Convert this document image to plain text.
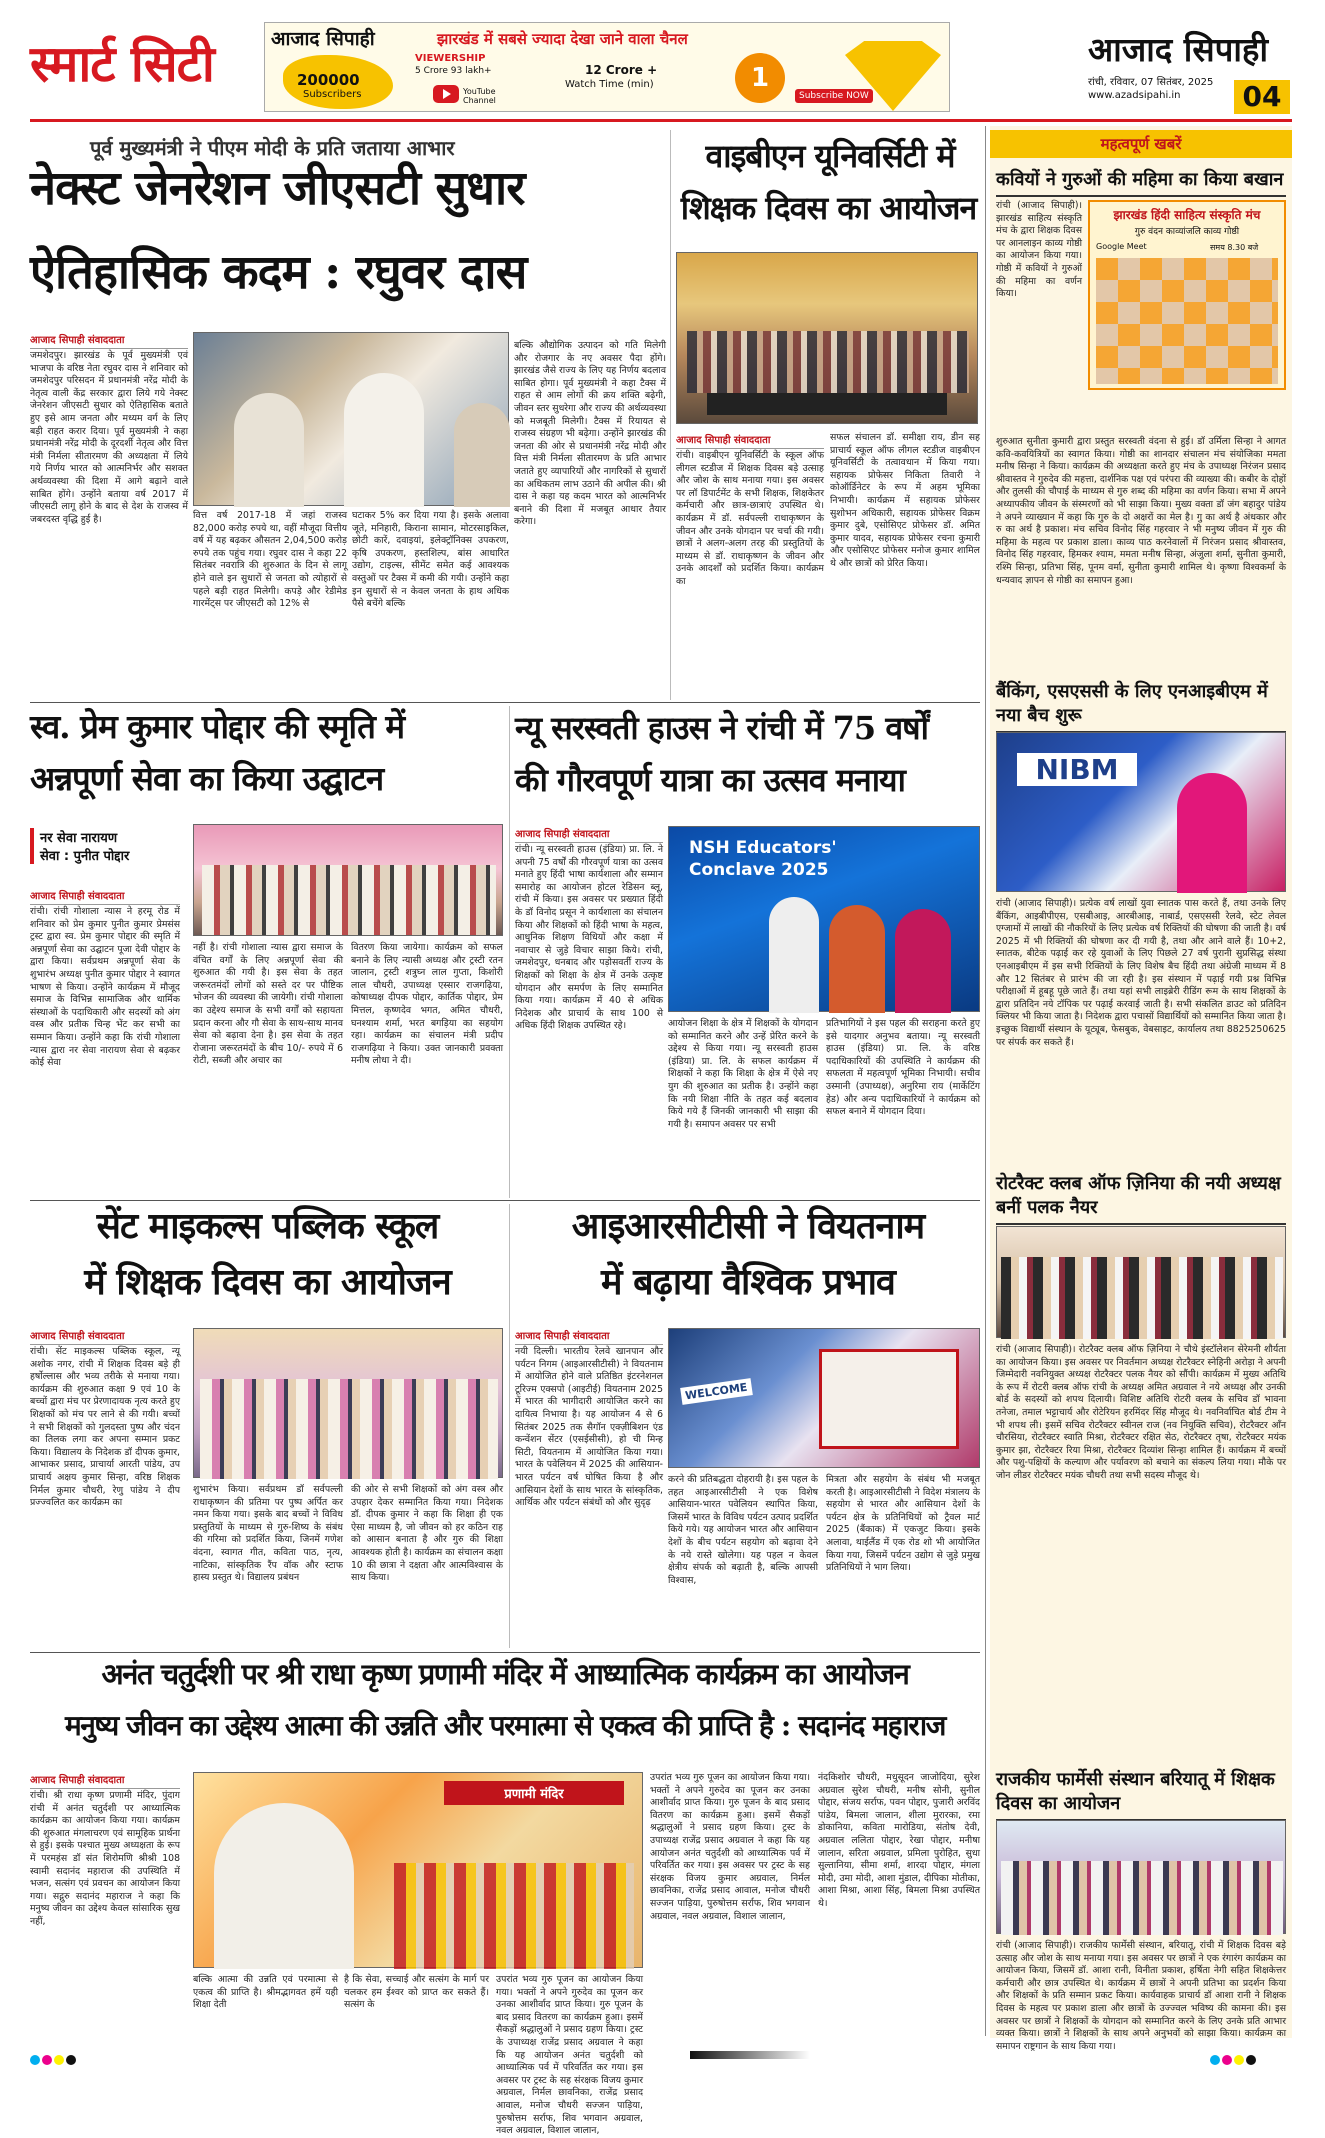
स्मार्ट सिटी	आजाद सिपाही	झारखंड में सबसे ज्यादा देखा जाने वाला चैनल
200000
Subscribers
VIEWERSHIP
5 Crore 93 lakh+
YouTube Channel
12 Crore +
Watch Time (min)	1
Subscribe NOW
आजाद सिपाही
रांची, रविवार, 07 सितंबर, 2025
www.azadsipahi.in	04
पूर्व मुख्यमंत्री ने पीएम मोदी के प्रति जताया आभार
नेक्स्ट जेनरेशन जीएसटी सुधार
ऐतिहासिक कदम : रघुवर दास
आजाद सिपाही संवाददाता
जमशेदपुर। झारखंड के पूर्व मुख्यमंत्री एवं भाजपा के वरिष्ठ नेता रघुवर दास ने शनिवार को जमशेदपुर परिसदन में प्रधानमंत्री नरेंद्र मोदी के नेतृत्व वाली केंद्र सरकार द्वारा लिये गये नेक्स्ट जेनरेशन जीएसटी सुधार को ऐतिहासिक बताते हुए इसे आम जनता और मध्यम वर्ग के लिए बड़ी राहत करार दिया। पूर्व मुख्यमंत्री ने कहा प्रधानमंत्री नरेंद्र मोदी के दूरदर्शी नेतृत्व और वित्त मंत्री निर्मला सीतारमण की अध्यक्षता में लिये गये निर्णय भारत को आत्मनिर्भर और सशक्त अर्थव्यवस्था की दिशा में आगे बढ़ाने वाले साबित होंगे। उन्होंने बताया वर्ष 2017 में जीएसटी लागू होने के बाद से देश के राजस्व में जबरदस्त वृद्धि हुई है।	वित्त वर्ष 2017-18 में जहां राजस्व 82,000 करोड़ रुपये था, वहीं मौजूदा वित्तीय वर्ष में यह बढ़कर औसतन 2,04,500 करोड़ रुपये तक पहुंच गया। रघुवर दास ने कहा 22 सितंबर नवरात्रि की शुरुआत के दिन से लागू होने वाले इन सुधारों से जनता को त्योहारों से पहले बड़ी राहत मिलेगी। कपड़े और रेडीमेड गारमेंट्स पर जीएसटी को 12% से
घटाकर 5% कर दिया गया है। इसके अलावा जूते, मनिहारी, किराना सामान, मोटरसाइकिल, छोटी कारें, दवाइयां, इलेक्ट्रॉनिक्स उपकरण, कृषि उपकरण, हस्तशिल्प, बांस आधारित उद्योग, टाइल्स, सीमेंट समेत कई आवश्यक वस्तुओं पर टैक्स में कमी की गयी। उन्होंने कहा इन सुधारों से न केवल जनता के हाथ अधिक पैसे बचेंगे बल्कि
बल्कि औद्योगिक उत्पादन को गति मिलेगी और रोजगार के नए अवसर पैदा होंगे। झारखंड जैसे राज्य के लिए यह निर्णय बदलाव साबित होगा। पूर्व मुख्यमंत्री ने कहा टैक्स में राहत से आम लोगों की क्रय शक्ति बढ़ेगी, जीवन स्तर सुधरेगा और राज्य की अर्थव्यवस्था को मजबूती मिलेगी। टैक्स में रियायत से राजस्व संग्रहण भी बढ़ेगा। उन्होंने झारखंड की जनता की ओर से प्रधानमंत्री नरेंद्र मोदी और वित्त मंत्री निर्मला सीतारमण के प्रति आभार जताते हुए व्यापारियों और नागरिकों से सुधारों का अधिकतम लाभ उठाने की अपील की। श्री दास ने कहा यह कदम भारत को आत्मनिर्भर बनाने की दिशा में मजबूत आधार तैयार करेगा।
वाइबीएन यूनिवर्सिटी में
शिक्षक दिवस का आयोजन
आजाद सिपाही संवाददाता
रांची। वाइबीएन यूनिवर्सिटी के स्कूल ऑफ लीगल स्टडीज में शिक्षक दिवस बड़े उत्साह और जोश के साथ मनाया गया। इस अवसर पर लॉ डिपार्टमेंट के सभी शिक्षक, शिक्षकेतर कर्मचारी और छात्र-छात्राएं उपस्थित थे। कार्यक्रम में डॉ. सर्वपल्ली राधाकृष्णन के जीवन और उनके योगदान पर चर्चा की गयी। छात्रों ने अलग-अलग तरह की प्रस्तुतियों के माध्यम से डॉ. राधाकृष्णन के जीवन और उनके आदर्शों को प्रदर्शित किया। कार्यक्रम का
सफल संचालन डॉ. समीक्षा राय, डीन सह प्राचार्य स्कूल ऑफ लीगल स्टडीज वाइबीएन यूनिवर्सिटी के तत्वावधान में किया गया। सहायक प्रोफेसर निकिता तिवारी ने कोऑर्डिनेटर के रूप में अहम भूमिका निभायी। कार्यक्रम में सहायक प्रोफेसर सुशोभन अधिकारी, सहायक प्रोफेसर विक्रम कुमार दुबे, एसोसिएट प्रोफेसर डॉ. अमित कुमार यादव, सहायक प्रोफेसर रचना कुमारी और एसोसिएट प्रोफेसर मनोज कुमार शामिल थे और छात्रों को प्रेरित किया।
स्व. प्रेम कुमार पोद्दार की स्मृति में
अन्नपूर्णा सेवा का किया उद्घाटन
नर सेवा नारायण
सेवा : पुनीत पोद्दार
आजाद सिपाही संवाददाता
रांची। रांची गोशाला न्यास ने हरमू रोड में शनिवार को प्रेम कुमार पुनीत कुमार प्रेमसंस ट्रस्ट द्वारा स्व. प्रेम कुमार पोद्दार की स्मृति में अन्नपूर्णा सेवा का उद्घाटन पूजा देवी पोद्दार के द्वारा किया। सर्वप्रथम अन्नपूर्णा सेवा के शुभारंभ अध्यक्ष पुनीत कुमार पोद्दार ने स्वागत भाषण से किया। उन्होंने कार्यक्रम में मौजूद समाज के विभिन्न सामाजिक और धार्मिक संस्थाओं के पदाधिकारी और सदस्यों को अंग वस्त्र और प्रतीक चिन्ह भेंट कर सभी का सम्मान किया। उन्होंने कहा कि रांची गोशाला न्यास द्वारा नर सेवा नारायण सेवा से बढ़कर कोई सेवा
नहीं है। रांची गोशाला न्यास द्वारा समाज के वंचित वर्गों के लिए अन्नपूर्णा सेवा की शुरुआत की गयी है। इस सेवा के तहत जरूरतमंदों लोगों को सस्ते दर पर पौष्टिक भोजन की व्यवस्था की जायेगी। रांची गोशाला का उद्देश्य समाज के सभी वर्गों को सहायता प्रदान करना और गौ सेवा के साथ-साथ मानव सेवा को बढ़ावा देना है। इस सेवा के तहत रोजाना जरूरतमंदों के बीच 10/- रुपये में 6 रोटी, सब्जी और अचार का
वितरण किया जायेगा। कार्यक्रम को सफल बनाने के लिए न्यासी अध्यक्ष और ट्रस्टी रतन जालान, ट्रस्टी शत्रुघ्न लाल गुप्ता, किशोरी लाल चौधरी, उपाध्यक्ष एस्सार राजगढ़िया, कोषाध्यक्ष दीपक पोद्दार, कार्तिक पोद्दार, प्रेम मित्तल, कृष्णदेव भगत, अमित चौधरी, घनश्याम शर्मा, भरत बगड़िया का सहयोग रहा। कार्यक्रम का संचालन मंत्री प्रदीप राजगढ़िया ने किया। उक्त जानकारी प्रवक्ता मनीष लोधा ने दी।
न्यू सरस्वती हाउस ने रांची में 75 वर्षों
की गौरवपूर्ण यात्रा का उत्सव मनाया
आजाद सिपाही संवाददाता
रांची। न्यू सरस्वती हाउस (इंडिया) प्रा. लि. ने अपनी 75 वर्षों की गौरवपूर्ण यात्रा का उत्सव मनाते हुए हिंदी भाषा कार्यशाला और सम्मान समारोह का आयोजन होटल रेडिसन ब्लू, रांची में किया। इस अवसर पर प्रख्यात हिंदी के डॉ विनोद प्रसून ने कार्यशाला का संचालन किया और शिक्षकों को हिंदी भाषा के महत्व, आधुनिक शिक्षण विधियों और कक्षा में नवाचार से जुड़े विचार साझा किये। रांची, जमशेदपुर, धनबाद और पड़ोसवर्ती राज्य के शिक्षकों को शिक्षा के क्षेत्र में उनके उत्कृष्ट योगदान और समर्पण के लिए सम्मानित किया गया। कार्यक्रम में 40 से अधिक निदेशक और प्राचार्य के साथ 100 से अधिक हिंदी शिक्षक उपस्थित रहे।
NSH Educators' Conclave 2025
आयोजन शिक्षा के क्षेत्र में शिक्षकों के योगदान को सम्मानित करने और उन्हें प्रेरित करने के उद्देश्य से किया गया। न्यू सरस्वती हाउस (इंडिया) प्रा. लि. के सफल कार्यक्रम में शिक्षकों ने कहा कि शिक्षा के क्षेत्र में ऐसे नए युग की शुरुआत का प्रतीक है। उन्होंने कहा कि नयी शिक्षा नीति के तहत कई बदलाव किये गये हैं जिनकी जानकारी भी साझा की गयी है। समापन अवसर पर सभी
प्रतिभागियों ने इस पहल की सराहना करते हुए इसे यादगार अनुभव बताया। न्यू सरस्वती हाउस (इंडिया) प्रा. लि. के वरिष्ठ पदाधिकारियों की उपस्थिति ने कार्यक्रम की सफलता में महत्वपूर्ण भूमिका निभायी। सचीव उस्मानी (उपाध्यक्ष), अनुरिमा राय (मार्केटिंग हेड) और अन्य पदाधिकारियों ने कार्यक्रम को सफल बनाने में योगदान दिया।
सेंट माइकल्स पब्लिक स्कूल
में शिक्षक दिवस का आयोजन
आजाद सिपाही संवाददाता
रांची। सेंट माइकल्स पब्लिक स्कूल, न्यू अशोक नगर, रांची में शिक्षक दिवस बड़े ही हर्षोल्लास और भव्य तरीके से मनाया गया। कार्यक्रम की शुरुआत कक्षा 9 एवं 10 के बच्चों द्वारा मंच पर प्रेरणादायक नृत्य करते हुए शिक्षकों को मंच पर लाने से की गयी। बच्चों ने सभी शिक्षकों को गुलदस्ता पुष्प और चंदन का तिलक लगा कर अपना सम्मान प्रकट किया। विद्यालय के निदेशक डॉ दीपक कुमार, आभाकर प्रसाद, प्राचार्या आरती पांडेय, उप प्राचार्य अक्षय कुमार सिन्हा, वरिष्ठ शिक्षक निर्मल कुमार चौधरी, रेणु पांडेय ने दीप प्रज्ज्वलित कर कार्यक्रम का
शुभारंभ किया। सर्वप्रथम डॉ सर्वपल्ली राधाकृष्णन की प्रतिमा पर पुष्प अर्पित कर नमन किया गया। इसके बाद बच्चों ने विविध प्रस्तुतियों के माध्यम से गुरु-शिष्य के संबंध की गरिमा को प्रदर्शित किया, जिनमें गणेश वंदना, स्वागत गीत, कविता पाठ, नृत्य, नाटिका, सांस्कृतिक रैंप वॉक और स्टाफ हास्य प्रस्तुत थे। विद्यालय प्रबंधन
की ओर से सभी शिक्षकों को अंग वस्त्र और उपहार देकर सम्मानित किया गया। निदेशक डॉ. दीपक कुमार ने कहा कि शिक्षा ही एक ऐसा माध्यम है, जो जीवन को हर कठिन राह को आसान बनाता है और गुरु की शिक्षा आवश्यक होती है। कार्यक्रम का संचालन कक्षा 10 की छात्रा ने दक्षता और आत्मविश्वास के साथ किया।
आइआरसीटीसी ने वियतनाम
में बढ़ाया वैश्विक प्रभाव
आजाद सिपाही संवाददाता
नयी दिल्ली। भारतीय रेलवे खानपान और पर्यटन निगम (आइआरसीटीसी) ने वियतनाम में आयोजित होने वाले प्रतिष्ठित इंटरनेशनल टूरिज्म एक्सपो (आइटीई) वियतनाम 2025 में भारत की भागीदारी आयोजित करने का दायित्व निभाया है। यह आयोजन 4 से 6 सितंबर 2025 तक सैगॉन एक्ज़ीबिशन एंड कन्वेंशन सेंटर (एसईसीसी), हो ची मिन्ह सिटी, वियतनाम में आयोजित किया गया। भारत के पवेलियन में 2025 की आसियान-भारत पर्यटन वर्ष घोषित किया है और आसियान देशों के साथ भारत के सांस्कृतिक, आर्थिक और पर्यटन संबंधों को और सुदृढ़
WELCOME
करने की प्रतिबद्धता दोहरायी है। इस पहल के तहत आइआरसीटीसी ने एक विशेष आसियान-भारत पवेलियन स्थापित किया, जिसमें भारत के विविध पर्यटन उत्पाद प्रदर्शित किये गये। यह आयोजन भारत और आसियान देशों के बीच पर्यटन सहयोग को बढ़ावा देने के नये रास्ते खोलेगा। यह पहल न केवल क्षेत्रीय संपर्क को बढ़ाती है, बल्कि आपसी विश्वास,
मित्रता और सहयोग के संबंध भी मजबूत करती है। आइआरसीटीसी ने विदेश मंत्रालय के सहयोग से भारत और आसियान देशों के पर्यटन क्षेत्र के प्रतिनिधियों को ट्रैवल मार्ट 2025 (बैंकाक) में एकजुट किया। इसके अलावा, थाईलैंड में एक रोड शो भी आयोजित किया गया, जिसमें पर्यटन उद्योग से जुड़े प्रमुख प्रतिनिधियों ने भाग लिया।
अनंत चतुर्दशी पर श्री राधा कृष्ण प्रणामी मंदिर में आध्यात्मिक कार्यक्रम का आयोजन
मनुष्य जीवन का उद्देश्य आत्मा की उन्नति और परमात्मा से एकत्व की प्राप्ति है : सदानंद महाराज
आजाद सिपाही संवाददाता
रांची। श्री राधा कृष्ण प्रणामी मंदिर, पुंदाग रांची में अनंत चतुर्दशी पर आध्यात्मिक कार्यक्रम का आयोजन किया गया। कार्यक्रम की शुरुआत मंगलाचरण एवं सामूहिक प्रार्थना से हुई। इसके पश्चात मुख्य अध्यक्षता के रूप में परमहंस डॉ संत शिरोमणि श्रीश्री 108 स्वामी सदानंद महाराज की उपस्थिति में भजन, सत्संग एवं प्रवचन का आयोजन किया गया। सद्गुरु सदानंद महाराज ने कहा कि मनुष्य जीवन का उद्देश्य केवल सांसारिक सुख नहीं,
प्रणामी मंदिर
बल्कि आत्मा की उन्नति एवं परमात्मा से एकत्व की प्राप्ति है। श्रीमद्भागवत हमें यही शिक्षा देती
है कि सेवा, सच्चाई और सत्संग के मार्ग पर चलकर हम ईश्वर को प्राप्त कर सकते हैं। सत्संग के
उपरांत भव्य गुरु पूजन का आयोजन किया गया। भक्तों ने अपने गुरुदेव का पूजन कर उनका आशीर्वाद प्राप्त किया। गुरु पूजन के बाद प्रसाद वितरण का कार्यक्रम हुआ। इसमें सैकड़ों श्रद्धालुओं ने प्रसाद ग्रहण किया। ट्रस्ट के उपाध्यक्ष राजेंद्र प्रसाद अग्रवाल ने कहा कि यह आयोजन अनंत चतुर्दशी को आध्यात्मिक पर्व में परिवर्तित कर गया। इस अवसर पर ट्रस्ट के सह संरक्षक विजय कुमार अग्रवाल, निर्मल छावनिका, राजेंद्र प्रसाद आवाल, मनोज चौधरी सज्जन पाड़िया, पुरुषोत्तम सर्राफ, शिव भगवान अग्रवाल, नवल अग्रवाल, विशाल जालान,
उपरांत भव्य गुरु पूजन का आयोजन किया गया। भक्तों ने अपने गुरुदेव का पूजन कर उनका आशीर्वाद प्राप्त किया। गुरु पूजन के बाद प्रसाद वितरण का कार्यक्रम हुआ। इसमें सैकड़ों श्रद्धालुओं ने प्रसाद ग्रहण किया। ट्रस्ट के उपाध्यक्ष राजेंद्र प्रसाद अग्रवाल ने कहा कि यह आयोजन अनंत चतुर्दशी को आध्यात्मिक पर्व में परिवर्तित कर गया। इस अवसर पर ट्रस्ट के सह संरक्षक विजय कुमार अग्रवाल, निर्मल छावनिका, राजेंद्र प्रसाद आवाल, मनोज चौधरी सज्जन पाड़िया, पुरुषोत्तम सर्राफ, शिव भगवान अग्रवाल, नवल अग्रवाल, विशाल जालान,
नंदकिशोर चौधरी, मधुसूदन जाजोदिया, सुरेश अग्रवाल सुरेश चौधरी, मनीष सोनी, सुनील पोद्दार, संजय सर्राफ, पवन पोद्दार, पुजारी अरविंद पांडेय, बिमला जालान, शीला मुरारका, रमा डोकानिया, कविता मारोडिया, संतोष देवी, अग्रवाल ललिता पोद्दार, रेखा पोद्दार, मनीषा जालान, सरिता अग्रवाल, प्रमिला पुरोहित, सुधा सुल्तानिया, सीमा शर्मा, शारदा पोद्दार, मंगला मोदी, उमा मोदी, आशा मुंडाल, दीपिका मोतीका, आशा मिश्रा, आशा सिंह, बिमला मिश्रा उपस्थित थे।
महत्वपूर्ण खबरें
कवियों ने गुरुओं की महिमा का किया बखान
रांची (आजाद सिपाही)। झारखंड साहित्य संस्कृति मंच के द्वारा शिक्षक दिवस पर आनलाइन काव्य गोष्ठी का आयोजन किया गया। गोष्ठी में कवियों ने गुरुओं की महिमा का वर्णन किया।
झारखंड हिंदी साहित्य संस्कृति मंच
गुरु वंदन काव्यांजलि काव्य गोष्ठी
Google Meet	समय 8.30 बजे
शुरुआत सुनीता कुमारी द्वारा प्रस्तुत सरस्वती वंदना से हुई। डॉ उर्मिला सिन्हा ने आगत कवि-कवयित्रियों का स्वागत किया। गोष्ठी का शानदार संचालन मंच संयोजिका ममता मनीष सिन्हा ने किया। कार्यक्रम की अध्यक्षता करते हुए मंच के उपाध्यक्ष निरंजन प्रसाद श्रीवास्तव ने गुरुदेव की महत्ता, दार्शनिक पक्ष एवं परंपरा की व्याख्या की। कबीर के दोहों और तुलसी की चौपाई के माध्यम से गुरु शब्द की महिमा का वर्णन किया। सभा में अपने अध्यापकीय जीवन के संस्मरणों को भी साझा किया। मुख्य वक्ता डॉ जंग बहादुर पांडेय ने अपने व्याख्यान में कहा कि गुरु के दो अक्षरों का मेल है। गु का अर्थ है अंधकार और रु का अर्थ है प्रकाश। मंच सचिव विनोद सिंह गहरवार ने भी मनुष्य जीवन में गुरु की महिमा के महत्व पर प्रकाश डाला। काव्य पाठ करनेवालों में निरंजन प्रसाद श्रीवास्तव, विनोद सिंह गहरवार, हिमकर श्याम, ममता मनीष सिन्हा, अंजुला शर्मा, सुनीता कुमारी, रश्मि सिन्हा, प्रतिभा सिंह, पूनम वर्मा, सुनीता कुमारी शामिल थे। कृष्णा विश्वकर्मा के धन्यवाद ज्ञापन से गोष्ठी का समापन हुआ।
बैंकिंग, एसएससी के लिए एनआइबीएम में नया बैच शुरू
NIBM
रांची (आजाद सिपाही)। प्रत्येक वर्ष लाखों युवा स्नातक पास करते हैं, तथा उनके लिए बैंकिंग, आइबीपीएस, एसबीआइ, आरबीआइ, नाबार्ड, एसएससी रेलवे, स्टेट लेवल एग्जामों में लाखों की नौकरियों के लिए प्रत्येक वर्ष रिक्तियों की घोषणा की जाती है। वर्ष 2025 में भी रिक्तियों की घोषणा कर दी गयी है, तथा और आने वाले हैं। 10+2, स्नातक, बीटेक पढ़ाई कर रहे युवाओं के लिए पिछले 27 वर्ष पुरानी सुप्रसिद्ध संस्था एनआइबीएम में इस सभी रिक्तियों के लिए विशेष बैच हिंदी तथा अंग्रेजी माध्यम में 8 और 12 सितंबर से प्रारंभ की जा रही है। इस संस्थान में पढ़ाई गयी प्रश्न विभिन्न परीक्षाओं में हूबहू पूछे जाते हैं। तथा यहां सभी लाइब्रेरी रीडिंग रूम के साथ शिक्षकों के द्वारा प्रतिदिन नये टॉपिक पर पढ़ाई करवाई जाती है। सभी संकलित डाउट को प्रतिदिन क्लियर भी किया जाता है। निदेशक द्वारा पचासों विद्यार्थियों को सम्मानित किया जाता है। इच्छुक विद्यार्थी संस्थान के यूट्यूब, फेसबुक, वेबसाइट, कार्यालय तथा 8825250625 पर संपर्क कर सकते हैं।
रोटरैक्ट क्लब ऑफ ज़िनिया की नयी अध्यक्ष बनीं पलक नैयर
रांची (आजाद सिपाही)। रोटरैक्ट क्लब ऑफ ज़िनिया ने चौथे इंस्टॉलेशन सेरेमनी शौर्यता का आयोजन किया। इस अवसर पर निवर्तमान अध्यक्ष रोटरैक्टर स्नेहिनी अरोड़ा ने अपनी जिम्मेदारी नवनियुक्त अध्यक्ष रोटरैक्टर पलक नैयर को सौंपी। कार्यक्रम में मुख्य अतिथि के रूप में रोटरी क्लब ऑफ रांची के अध्यक्ष अमित अग्रवाल ने नये अध्यक्ष और उनकी बोर्ड के सदस्यों को शपथ दिलायी। विशिष्ट अतिथि रोटरी क्लब के सचिव डॉ भावना तनेजा, तमाल भट्टाचार्य और रोटेरियन हरमिंदर सिंह मौजूद थे। नवनिर्वाचित बोर्ड टीम ने भी शपथ ली। इसमें सचिव रोटरैक्टर स्वीनल राज (नव नियुक्ति सचिव), रोटरैक्टर आँन चौरसिया, रोटरैक्टर स्वाति मिश्रा, रोटरैक्टर रक्षित सेठ, रोटरैक्टर तृषा, रोटरैक्टर मयंक कुमार झा, रोटरैक्टर रिया मिश्रा, रोटरैक्टर दिव्यांश सिन्हा शामिल हैं। कार्यक्रम में बच्चों और पशु-पक्षियों के कल्याण और पर्यावरण को बचाने का संकल्प लिया गया। मौके पर जोन लीडर रोटरैक्टर मयंक चौधरी तथा सभी सदस्य मौजूद थे।
राजकीय फार्मेसी संस्थान बरियातू में शिक्षक दिवस का आयोजन
रांची (आजाद सिपाही)। राजकीय फार्मेसी संस्थान, बरियातू, रांची में शिक्षक दिवस बड़े उत्साह और जोश के साथ मनाया गया। इस अवसर पर छात्रों ने एक रंगारंग कार्यक्रम का आयोजन किया, जिसमें डॉ. आशा रानी, विनीता प्रकाश, हर्षिता नेगी सहित शिक्षकेत्तर कर्मचारी और छात्र उपस्थित थे। कार्यक्रम में छात्रों ने अपनी प्रतिभा का प्रदर्शन किया और शिक्षकों के प्रति सम्मान प्रकट किया। कार्यवाहक प्राचार्य डॉ आशा रानी ने शिक्षक दिवस के महत्व पर प्रकाश डाला और छात्रों के उज्ज्वल भविष्य की कामना की। इस अवसर पर छात्रों ने शिक्षकों के योगदान को सम्मानित करने के लिए उनके प्रति आभार व्यक्त किया। छात्रों ने शिक्षकों के साथ अपने अनुभवों को साझा किया। कार्यक्रम का समापन राष्ट्रगान के साथ किया गया।
